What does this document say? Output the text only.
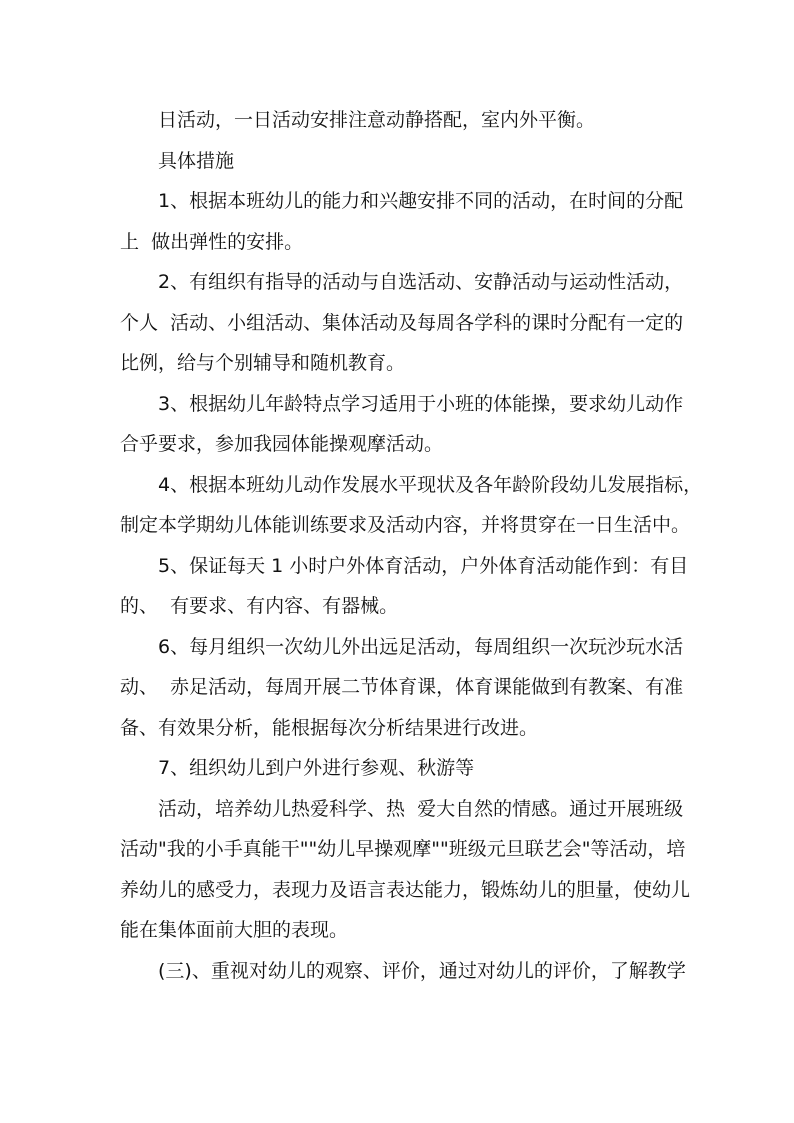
日活动，一日活动安排注意动静搭配，室内外平衡。
具体措施
1、根据本班幼儿的能力和兴趣安排不同的活动，在时间的分配
上  做出弹性的安排。
2、有组织有指导的活动与自选活动、安静活动与运动性活动，
个人  活动、小组活动、集体活动及每周各学科的课时分配有一定的
比例，给与个别辅导和随机教育。
3、根据幼儿年龄特点学习适用于小班的体能操，要求幼儿动作
合乎要求，参加我园体能操观摩活动。
4、根据本班幼儿动作发展水平现状及各年龄阶段幼儿发展指标，
制定本学期幼儿体能训练要求及活动内容，并将贯穿在一日生活中。
5、保证每天 1 小时户外体育活动，户外体育活动能作到：有目
的、  有要求、有内容、有器械。
6、每月组织一次幼儿外出远足活动，每周组织一次玩沙玩水活
动、  赤足活动，每周开展二节体育课，体育课能做到有教案、有准
备、有效果分析，能根据每次分析结果进行改进。
7、组织幼儿到户外进行参观、秋游等
活动，培养幼儿热爱科学、热  爱大自然的情感。通过开展班级
活动"我的小手真能干""幼儿早操观摩""班级元旦联艺会"等活动，培
养幼儿的感受力，表现力及语言表达能力，锻炼幼儿的胆量，使幼儿
能在集体面前大胆的表现。
(三)、重视对幼儿的观察、评价，通过对幼儿的评价，了解教学
